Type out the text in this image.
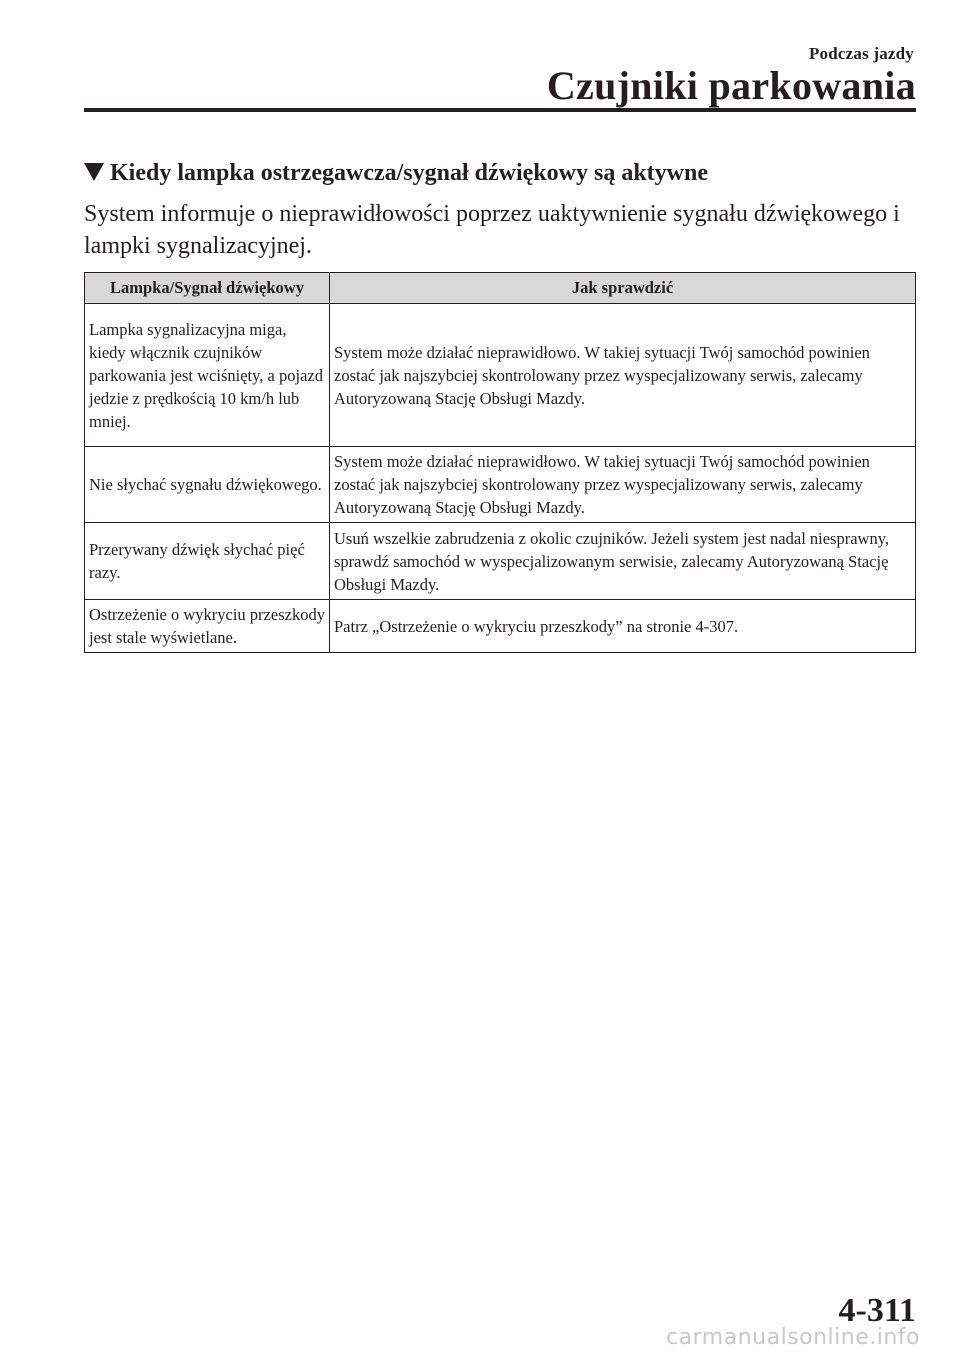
Podczas jazdy
Czujniki parkowania
Kiedy lampka ostrzegawcza/sygnał dźwiękowy są aktywne
System informuje o nieprawidłowości poprzez uaktywnienie sygnału dźwiękowego i lampki sygnalizacyjnej.
Lampka/Sygnał dźwiękowy	Jak sprawdzić
Lampka sygnalizacyjna miga, kiedy włącznik czujników parkowania jest wciśnięty, a pojazd jedzie z prędkością 10 km/h lub mniej.	System może działać nieprawidłowo. W takiej sytuacji Twój samochód powinien zostać jak najszybciej skontrolowany przez wyspecjalizowany serwis, zalecamy Autoryzowaną Stację Obsługi Mazdy.
Nie słychać sygnału dźwiękowego.	System może działać nieprawidłowo. W takiej sytuacji Twój samochód powinien zostać jak najszybciej skontrolowany przez wyspecjalizowany serwis, zalecamy Autoryzowaną Stację Obsługi Mazdy.
Przerywany dźwięk słychać pięć razy.	Usuń wszelkie zabrudzenia z okolic czujników. Jeżeli system jest nadal niesprawny, sprawdź samochód w wyspecjalizowanym serwisie, zalecamy Autoryzowaną Stację Obsługi Mazdy.
Ostrzeżenie o wykryciu przeszkody jest stale wyświetlane.	Patrz „Ostrzeżenie o wykryciu przeszkody” na stronie 4-307.
4-311
carmanualsonline.info
